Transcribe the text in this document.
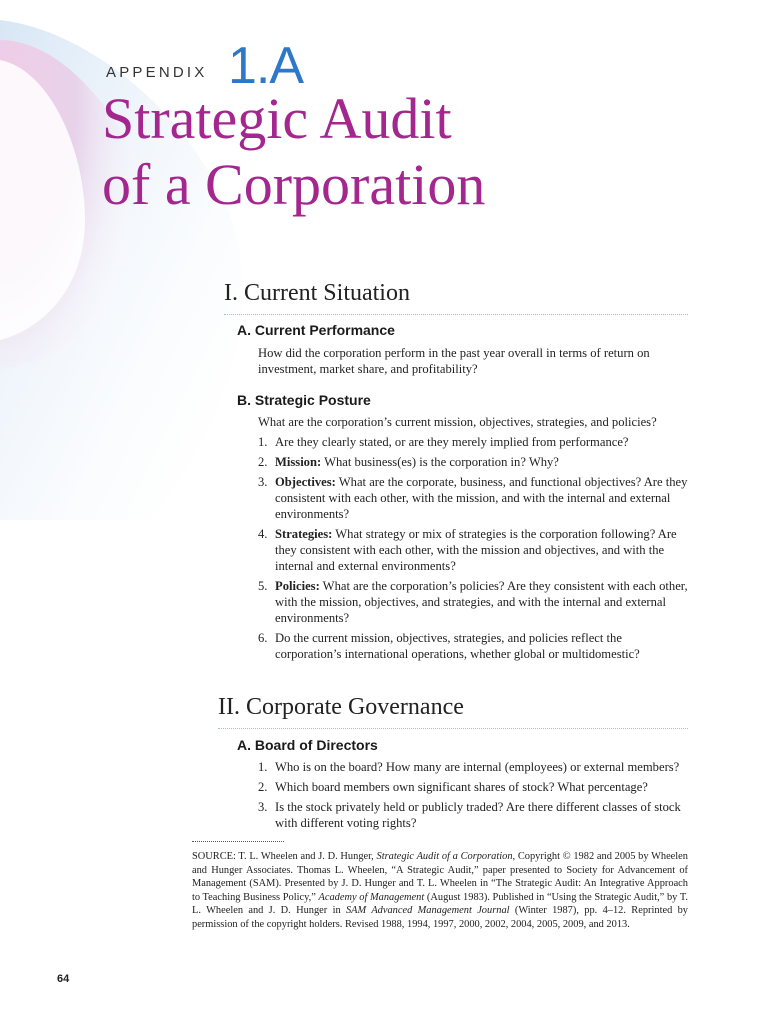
APPENDIX 1.A
Strategic Audit
of a Corporation
I. Current Situation
A. Current Performance

How did the corporation perform in the past year overall in terms of return on investment, market share, and profitability?

B. Strategic Posture

What are the corporation’s current mission, objectives, strategies, and policies?

1. Are they clearly stated, or are they merely implied from performance?
2. Mission: What business(es) is the corporation in? Why?
3. Objectives: What are the corporate, business, and functional objectives? Are they consistent with each other, with the mission, and with the internal and external environments?
4. Strategies: What strategy or mix of strategies is the corporation following? Are they consistent with each other, with the mission and objectives, and with the internal and external environments?
5. Policies: What are the corporation’s policies? Are they consistent with each other, with the mission, objectives, and strategies, and with the internal and external environments?
6. Do the current mission, objectives, strategies, and policies reflect the corporation’s international operations, whether global or multidomestic?
II. Corporate Governance
A. Board of Directors
1. Who is on the board? How many are internal (employees) or external members?
2. Which board members own significant shares of stock? What percentage?
3. Is the stock privately held or publicly traded? Are there different classes of stock with different voting rights?

SOURCE: T. L. Wheelen and J. D. Hunger, Strategic Audit of a Corporation, Copyright © 1982 and 2005 by Wheelen and Hunger Associates. Thomas L. Wheelen, “A Strategic Audit,” paper presented to Society for Advancement of Management (SAM). Presented by J. D. Hunger and T. L. Wheelen in “The Strategic Audit: An Integrative Approach to Teaching Business Policy,” Academy of Management (August 1983). Published in “Using the Strategic Audit,” by T. L. Wheelen and J. D. Hunger in SAM Advanced Management Journal (Winter 1987), pp. 4–12. Reprinted by permission of the copyright holders. Revised 1988, 1994, 1997, 2000, 2002, 2004, 2005, 2009, and 2013.

64
